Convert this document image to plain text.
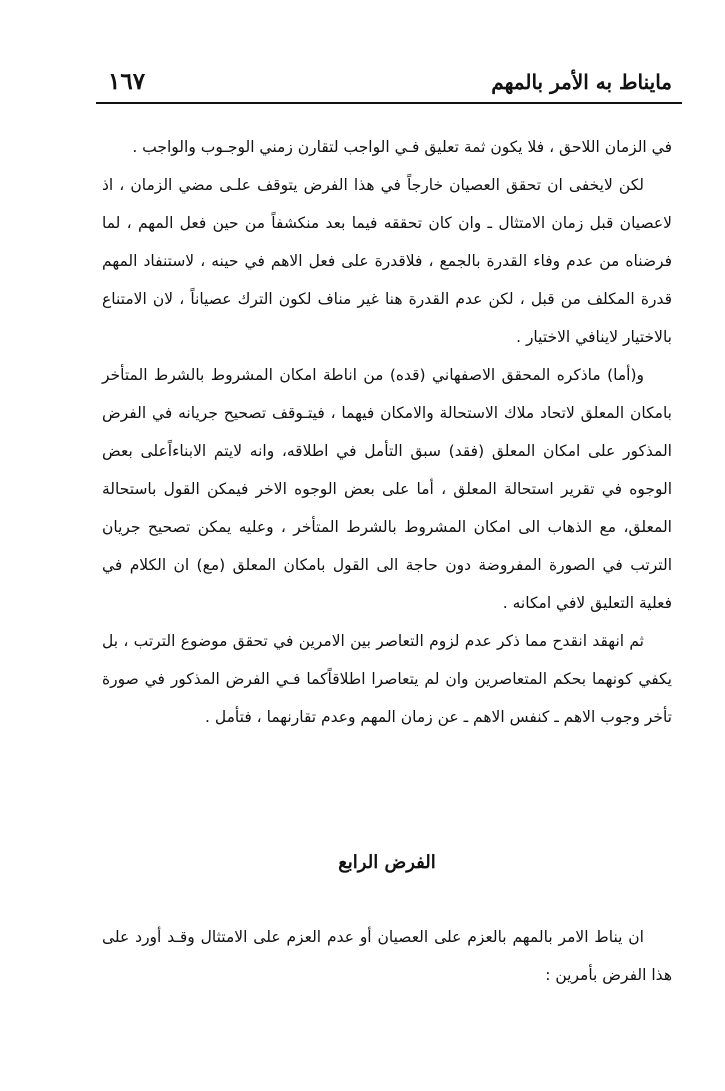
ماينا‌ط به الأمر بالمهم
١٦٧

في الزمان اللاحق ، فلا يكون ثمة تعليق فـي الواجب لتقارن زمني الوجـوب والواجب .

لكن لايخفى ان تحقق العصيان خارجاً في هذا الفرض يتوقف علـى مضي الزمان ، اذ لاعصيان قبل زمان الامتثال ـ وان كان تحققه فيما بعد منكشفاً من حين فعل المهم ، لما فرضناه من عدم وفاء القدرة بالجمع ، فلاقدرة على فعل الاهم في حينه ، لاستنفاد المهم قدرة المكلف من قبل ، لكن عدم القدرة هنا غير مناف لكون الترك عصياناً ، لان الامتناع بالاختيار لاينافي الاختيار .

و(أما) ماذكره المحقق الاصفهاني (قده) من اناطة امكان المشروط بالشرط المتأخر بامكان المعلق لاتحاد ملاك الاستحالة والامكان فيهما ، فيتـوقف تصحيح جريانه في الفرض المذكور على امكان المعلق (فقد) سبق التأمل في اطلاقه، وانه لايتم الابناءاًعلى بعض الوجوه في تقرير استحالة المعلق ، أما على بعض الوجوه الاخر فيمكن القول باستحالة المعلق، مع الذهاب الى امكان المشروط بالشرط المتأخر ، وعليه يمكن تصحيح جريان الترتب في الصورة المفروضة دون حاجة الى القول بامكان المعلق (مع) ان الكلام في فعلية التعليق لافي امكانه .

ثم انهقد انقدح مما ذكر عدم لزوم التعاصر بين الامرين في تحقق موضوع الترتب ، بل يكفي كونهما بحكم المتعاصرين وان لم يتعاصرا اطلاقاًكما فـي الفرض المذكور في صورة تأخر وجوب الاهم ـ كنفس الاهم ـ عن زمان المهم وعدم تقارنهما ، فتأمل .

الفرض الرابع

ان يناط الامر بالمهم بالعزم على العصيان أو عدم العزم على الامتثال وقـد أورد على هذا الفرض بأمرين :
